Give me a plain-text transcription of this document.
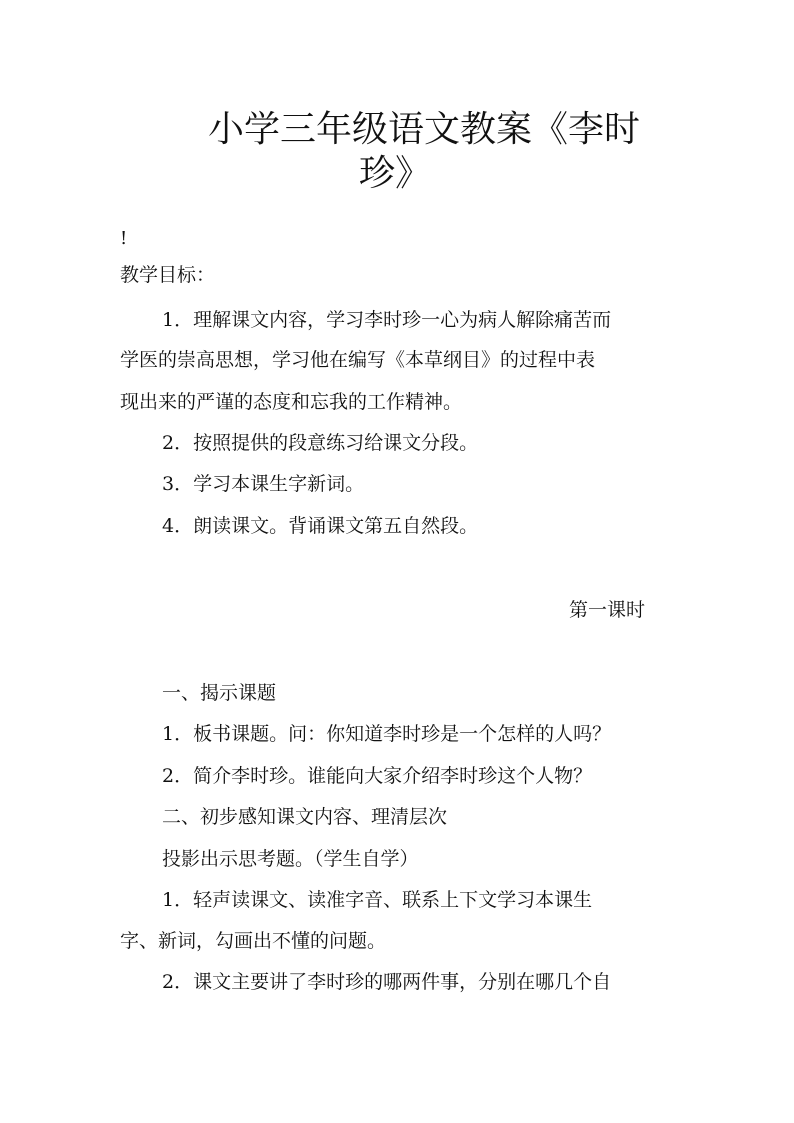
小学三年级语文教案《李时
珍》

!

教学目标：

1．理解课文内容，学习李时珍一心为病人解除痛苦而

学医的崇高思想，学习他在编写《本草纲目》的过程中表

现出来的严谨的态度和忘我的工作精神。

2．按照提供的段意练习给课文分段。

3．学习本课生字新词。

4．朗读课文。背诵课文第五自然段。

第一课时

一、揭示课题

1．板书课题。问：你知道李时珍是一个怎样的人吗？

2．简介李时珍。谁能向大家介绍李时珍这个人物？

二、初步感知课文内容、理清层次

投影出示思考题。（学生自学）

1．轻声读课文、读准字音、联系上下文学习本课生

字、新词，勾画出不懂的问题。

2．课文主要讲了李时珍的哪两件事，分别在哪几个自
